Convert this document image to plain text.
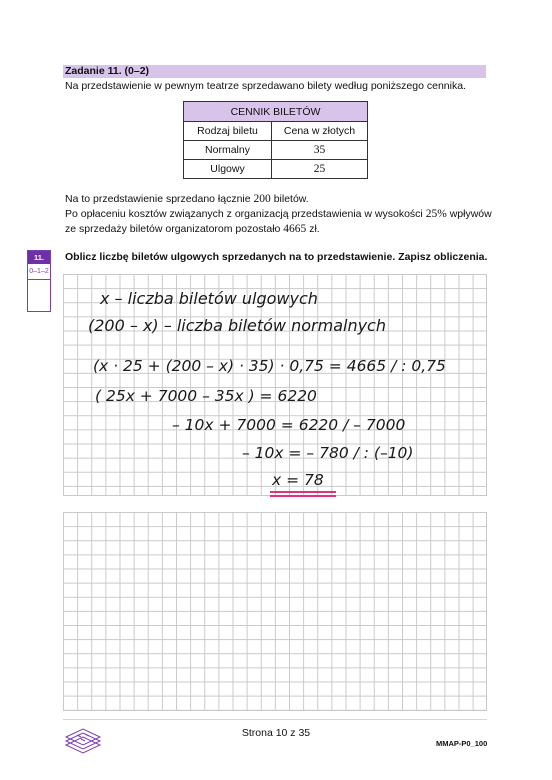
Zadanie 11. (0–2)
Na przedstawienie w pewnym teatrze sprzedawano bilety według poniższego cennika.
CENNIK BILETÓW	
Rodzaj biletu	Cena w złotych
Normalny	35
Ulgowy	25
Na to przedstawienie sprzedano łącznie 200 biletów.
Po opłaceniu kosztów związanych z organizacją przedstawienia w wysokości 25% wpływów
ze sprzedaży biletów organizatorom pozostało 4665 zł.
11.
0–1–2
Oblicz liczbę biletów ulgowych sprzedanych na to przedstawienie. Zapisz obliczenia.
x – liczba biletów ulgowych
(200 – x) – liczba biletów normalnych
(x · 25 + (200 – x) · 35) · 0,75 = 4665 / : 0,75
( 25x + 7000 – 35x ) = 6220
– 10x + 7000 = 6220 / – 7000
– 10x = – 780 / : (–10)
x = 78
Strona 10 z 35
MMAP-P0_100
